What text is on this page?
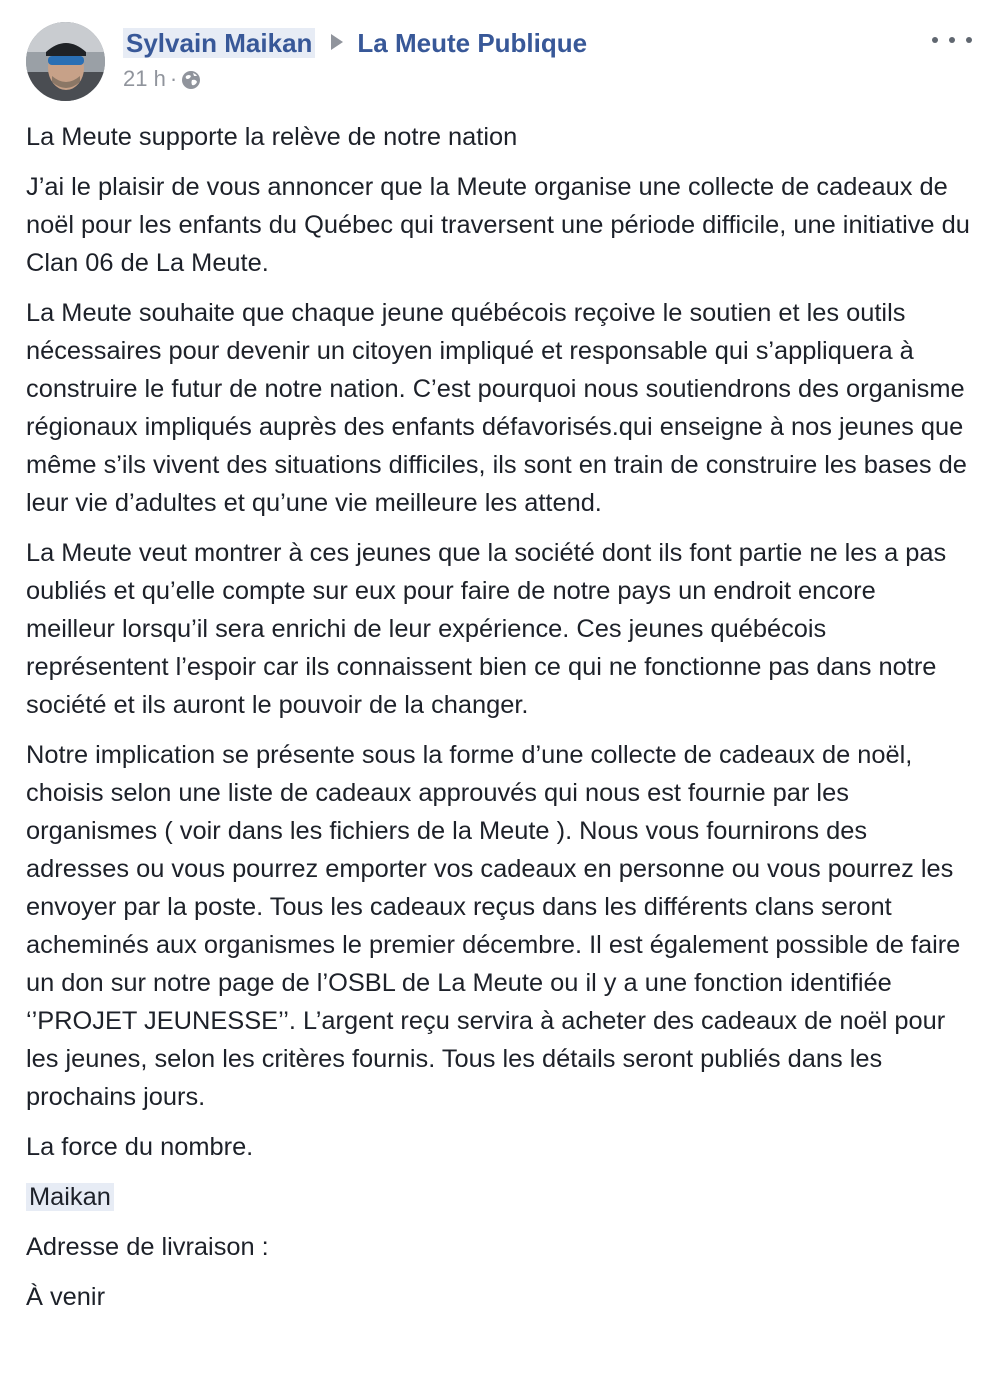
Sylvain Maikan La Meute Publique
21 h ·

La Meute supporte la relève de notre nation

J’ai le plaisir de vous annoncer que la Meute organise une collecte de cadeaux de noël pour les enfants du Québec qui traversent une période difficile, une initiative du Clan 06 de La Meute.

La Meute souhaite que chaque jeune québécois reçoive le soutien et les outils nécessaires pour devenir un citoyen impliqué et responsable qui s’appliquera à construire le futur de notre nation. C’est pourquoi nous soutiendrons des organisme régionaux impliqués auprès des enfants défavorisés.qui enseigne à nos jeunes que même s’ils vivent des situations difficiles, ils sont en train de construire les bases de leur vie d’adultes et qu’une vie meilleure les attend.

La Meute veut montrer à ces jeunes que la société dont ils font partie ne les a pas oubliés et qu’elle compte sur eux pour faire de notre pays un endroit encore meilleur lorsqu’il sera enrichi de leur expérience. Ces jeunes québécois représentent l’espoir car ils connaissent bien ce qui ne fonctionne pas dans notre société et ils auront le pouvoir de la changer.

Notre implication se présente sous la forme d’une collecte de cadeaux de noël, choisis selon une liste de cadeaux approuvés qui nous est fournie par les organismes ( voir dans les fichiers de la Meute ). Nous vous fournirons des adresses ou vous pourrez emporter vos cadeaux en personne ou vous pourrez les envoyer par la poste. Tous les cadeaux reçus dans les différents clans seront acheminés aux organismes le premier décembre. Il est également possible de faire un don sur notre page de l’OSBL de La Meute ou il y a une fonction identifiée ‘’PROJET JEUNESSE’’. L’argent reçu servira à acheter des cadeaux de noël pour les jeunes, selon les critères fournis. Tous les détails seront publiés dans les prochains jours.

La force du nombre.

Maikan

Adresse de livraison :

À venir
